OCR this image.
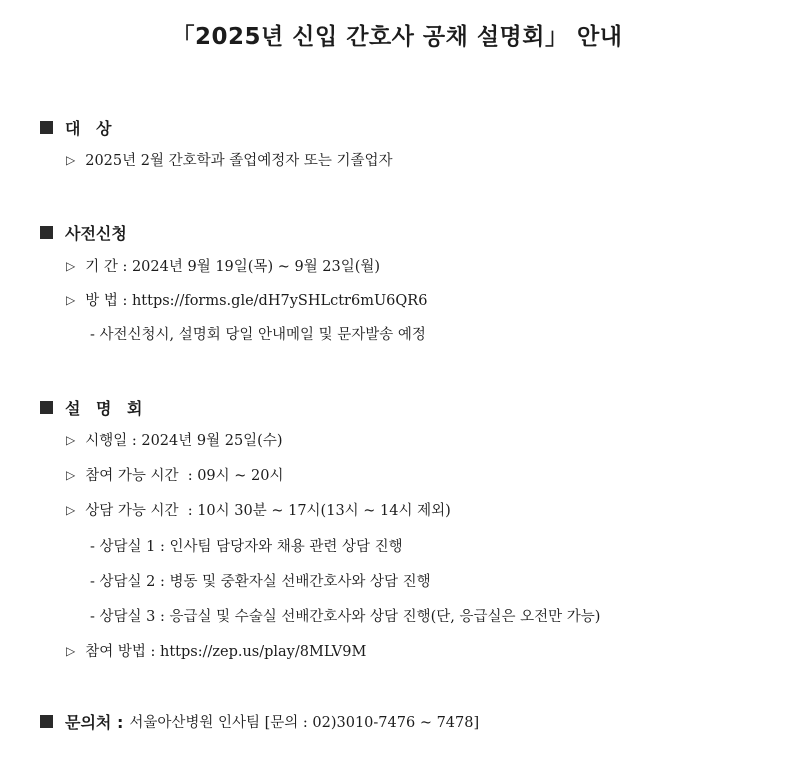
「2025년 신입 간호사 공채 설명회」 안내
대 상
▷ 2025년 2월 간호학과 졸업예정자 또는 기졸업자
사전신청
▷ 기 간 : 2024년 9월 19일(목) ~ 9월 23일(월)
▷ 방 법 : https://forms.gle/dH7ySHLctr6mU6QR6
- 사전신청시, 설명회 당일 안내메일 및 문자발송 예정
설 명 회
▷ 시행일 : 2024년 9월 25일(수)
▷ 참여 가능 시간  : 09시 ~ 20시
▷ 상담 가능 시간  : 10시 30분 ~ 17시(13시 ~ 14시 제외)
- 상담실 1 : 인사팀 담당자와 채용 관련 상담 진행
- 상담실 2 : 병동 및 중환자실 선배간호사와 상담 진행
- 상담실 3 : 응급실 및 수술실 선배간호사와 상담 진행(단, 응급실은 오전만 가능)
▷ 참여 방법 : https://zep.us/play/8MLV9M
문의처 : 서울아산병원 인사팀 [문의 : 02)3010-7476 ~ 7478]
